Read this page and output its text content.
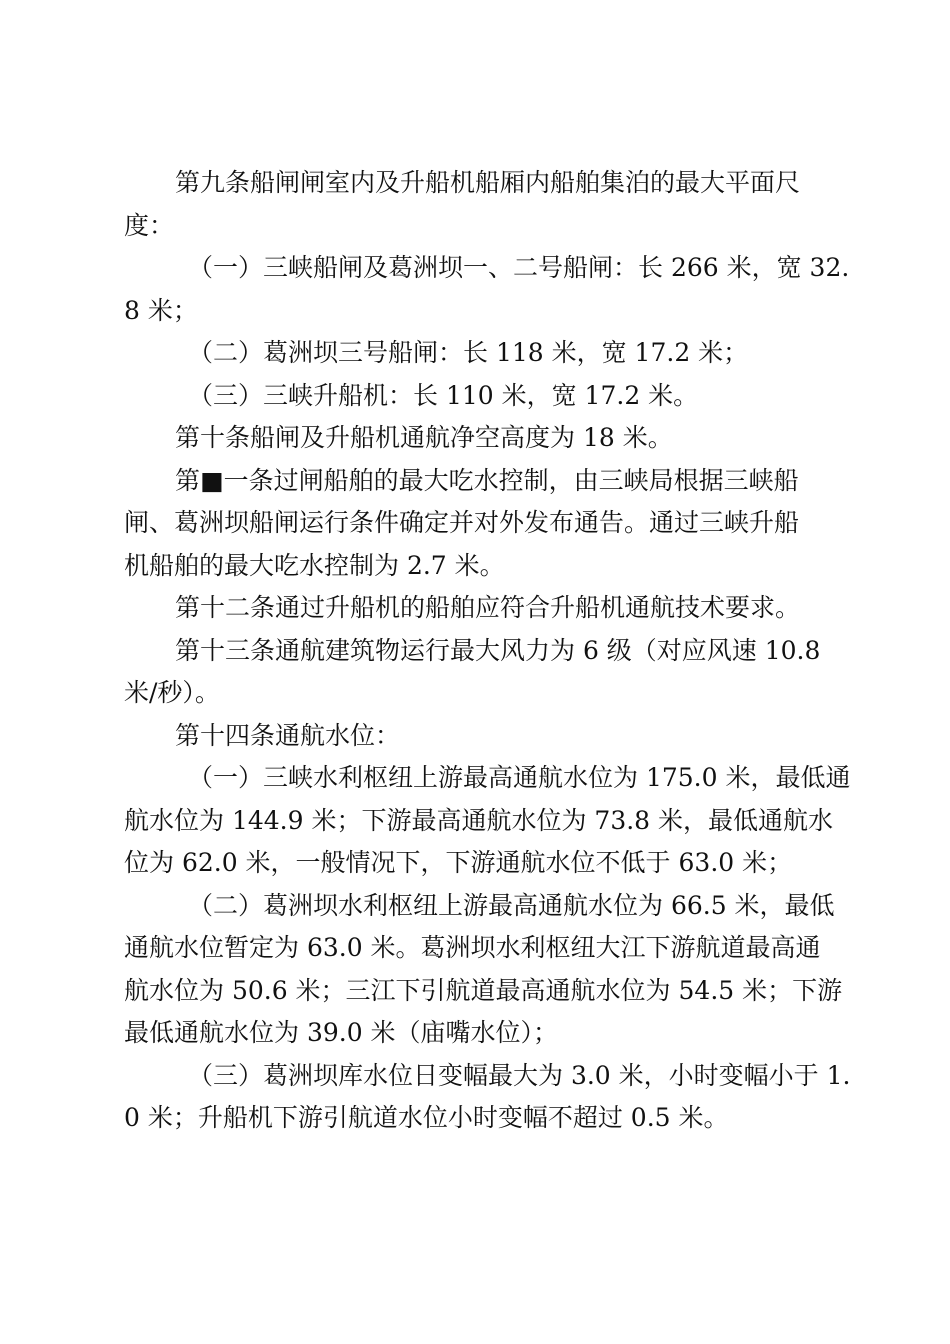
第九条船闸闸室内及升船机船厢内船舶集泊的最大平面尺
度：
（一）三峡船闸及葛洲坝一、二号船闸：长 266 米，宽 32.
8 米；
（二）葛洲坝三号船闸：长 118 米，宽 17.2 米；
（三）三峡升船机：长 110 米，宽 17.2 米。
第十条船闸及升船机通航净空高度为 18 米。
第■一条过闸船舶的最大吃水控制，由三峡局根据三峡船
闸、葛洲坝船闸运行条件确定并对外发布通告。通过三峡升船
机船舶的最大吃水控制为 2.7 米。
第十二条通过升船机的船舶应符合升船机通航技术要求。
第十三条通航建筑物运行最大风力为 6 级（对应风速 10.8
米/秒）。
第十四条通航水位：
（一）三峡水利枢纽上游最高通航水位为 175.0 米，最低通
航水位为 144.9 米；下游最高通航水位为 73.8 米，最低通航水
位为 62.0 米，一般情况下，下游通航水位不低于 63.0 米；
（二）葛洲坝水利枢纽上游最高通航水位为 66.5 米，最低
通航水位暂定为 63.0 米。葛洲坝水利枢纽大江下游航道最高通
航水位为 50.6 米；三江下引航道最高通航水位为 54.5 米；下游
最低通航水位为 39.0 米（庙嘴水位）；
（三）葛洲坝库水位日变幅最大为 3.0 米，小时变幅小于 1.
0 米；升船机下游引航道水位小时变幅不超过 0.5 米。
